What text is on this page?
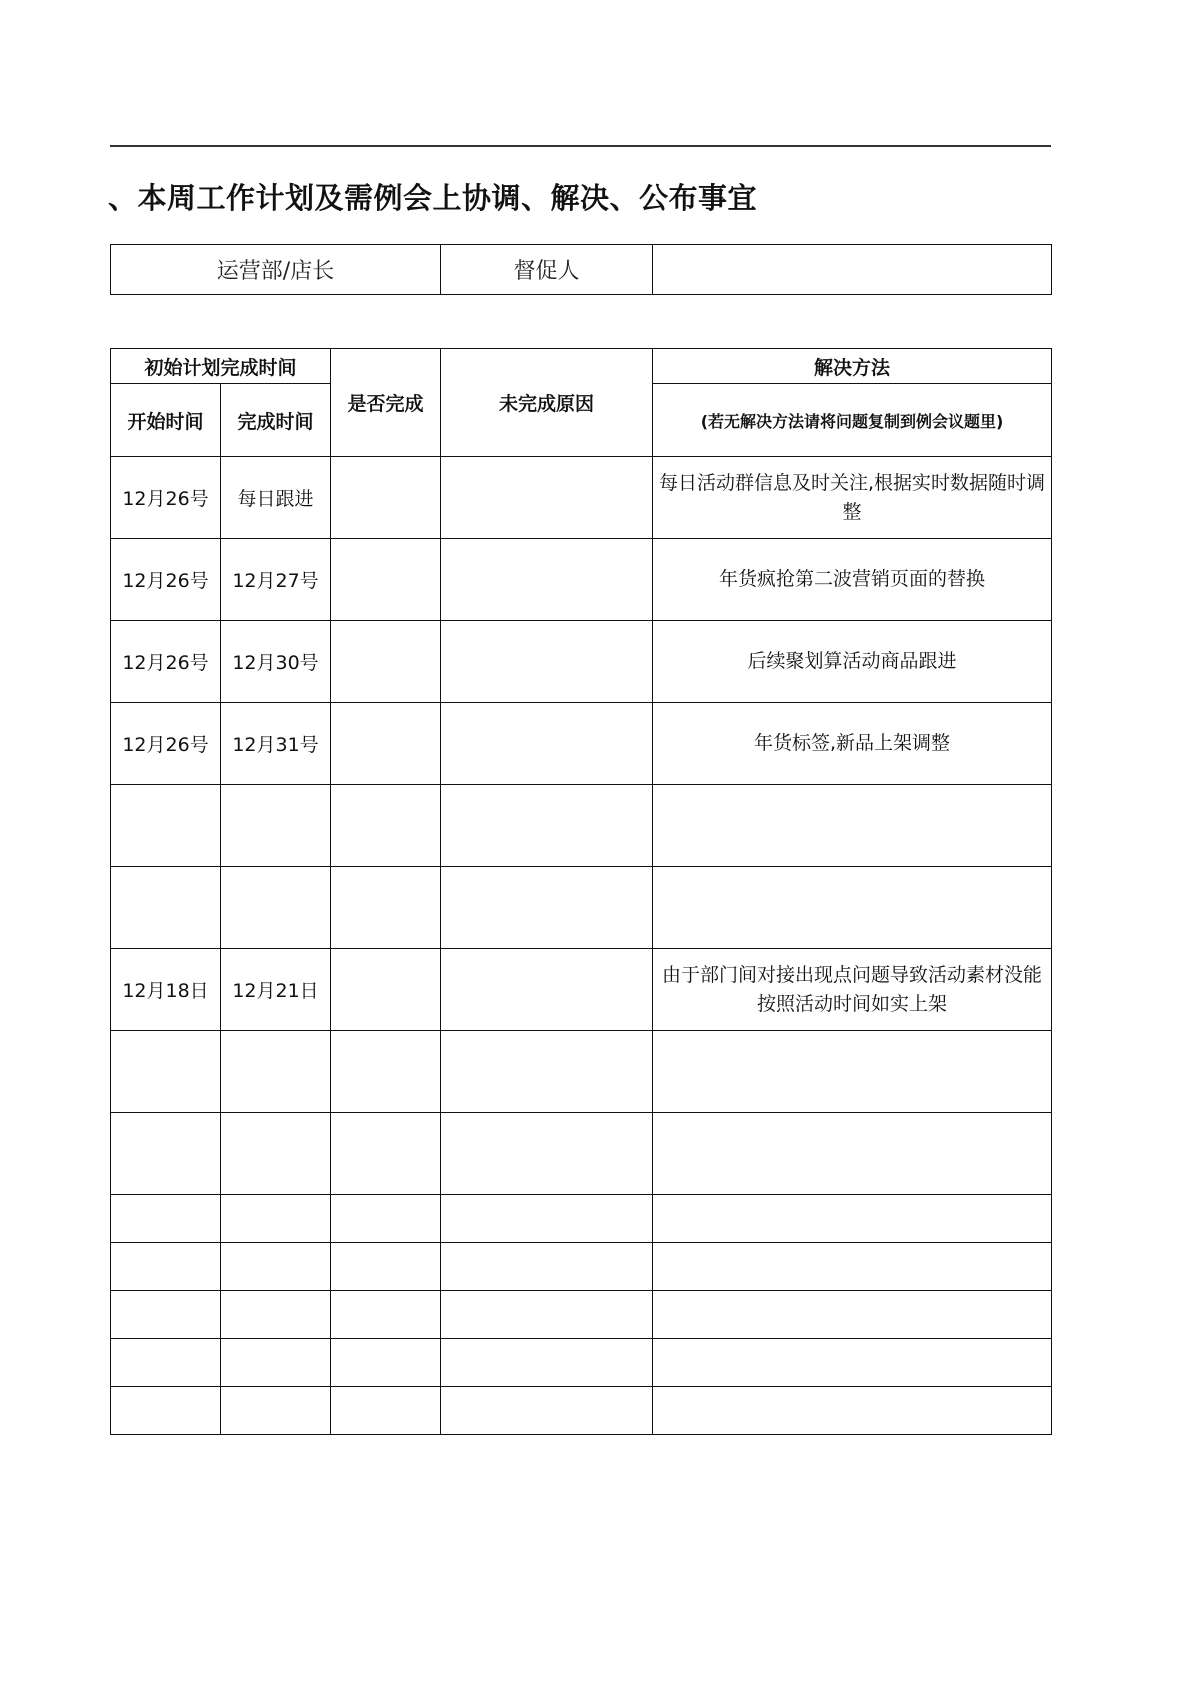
、本周工作计划及需例会上协调、解决、公布事宜
运营部/店长	督促人	
初始计划完成时间		是否完成	未完成原因	解决方法
开始时间	完成时间			(若无解决方法请将问题复制到例会议题里)
12月26号	每日跟进			每日活动群信息及时关注,根据实时数据随时调整
12月26号	12月27号			年货疯抢第二波营销页面的替换
12月26号	12月30号			后续聚划算活动商品跟进
12月26号	12月31号			年货标签,新品上架调整

12月18日	12月21日			由于部门间对接出现点问题导致活动素材没能按照活动时间如实上架
